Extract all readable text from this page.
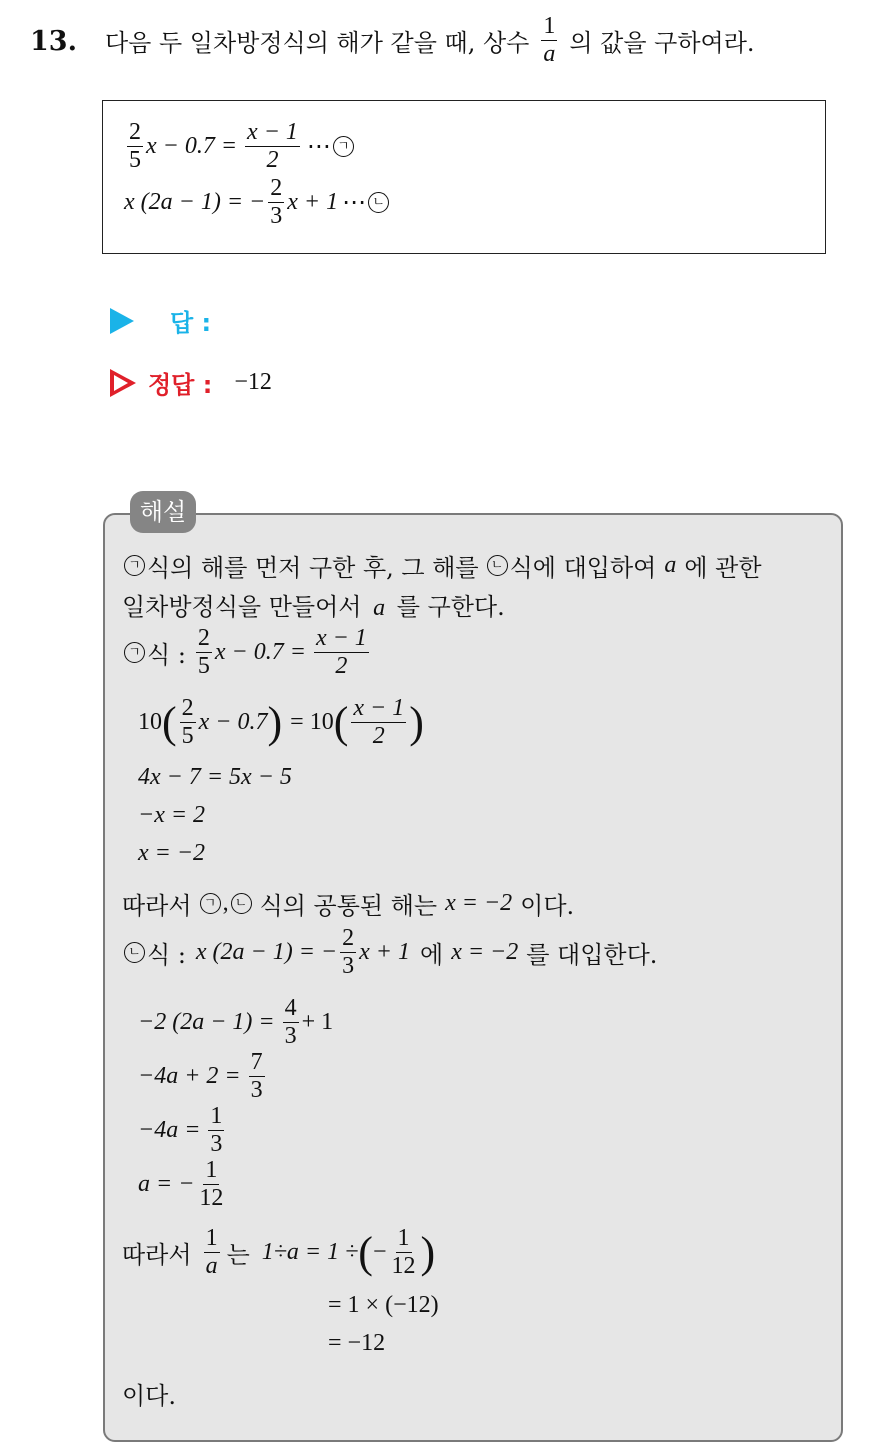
13. 다음 두 일차방정식의 해가 같을 때, 상수 $\frac{1}{a}$ 의 값을 구하여라.
$\frac{2}{5}$ $x - 0.7 = \frac{x - 1}{2}$ ⋯ ㄱ
x (2a − 1) = − $\frac{2}{3}$ x + 1 ⋯ ㄴ
답 :
정답 : −12
해설
ㄱ 식의 해를 먼저 구한 후, 그 해를 ㄴ 식에 대입하여 a 에 관한
일차방정식을 만들어서 a 를 구한다.
ㄱ 식 : $\frac{2}{5}$ $x - 0.7 = \frac{x - 1}{2}$
10 ( $\frac{2}{5}$ x − 0.7 ) = 10 ( $\frac{x - 1}{2}$ )
4x − 7 = 5x − 5
−x = 2
x = −2
따라서 ㄱ , ㄴ 식의 공통된 해는 x = −2 이다.
ㄴ 식 : x (2a − 1) = − $\frac{2}{3}$ x + 1 에 x = −2 를 대입한다.
−2 $(2a - 1) = \frac{4}{3} + 1$
$-4a + 2 = \frac{7}{3}$
$-4a = \frac{1}{3}$
a = − $\frac{1}{12}$
따라서 $\frac{1}{a}$ 는 1÷a = 1 ÷ ( − $\frac{1}{12}$ )
= 1 × (−12)
= −12
이다.
